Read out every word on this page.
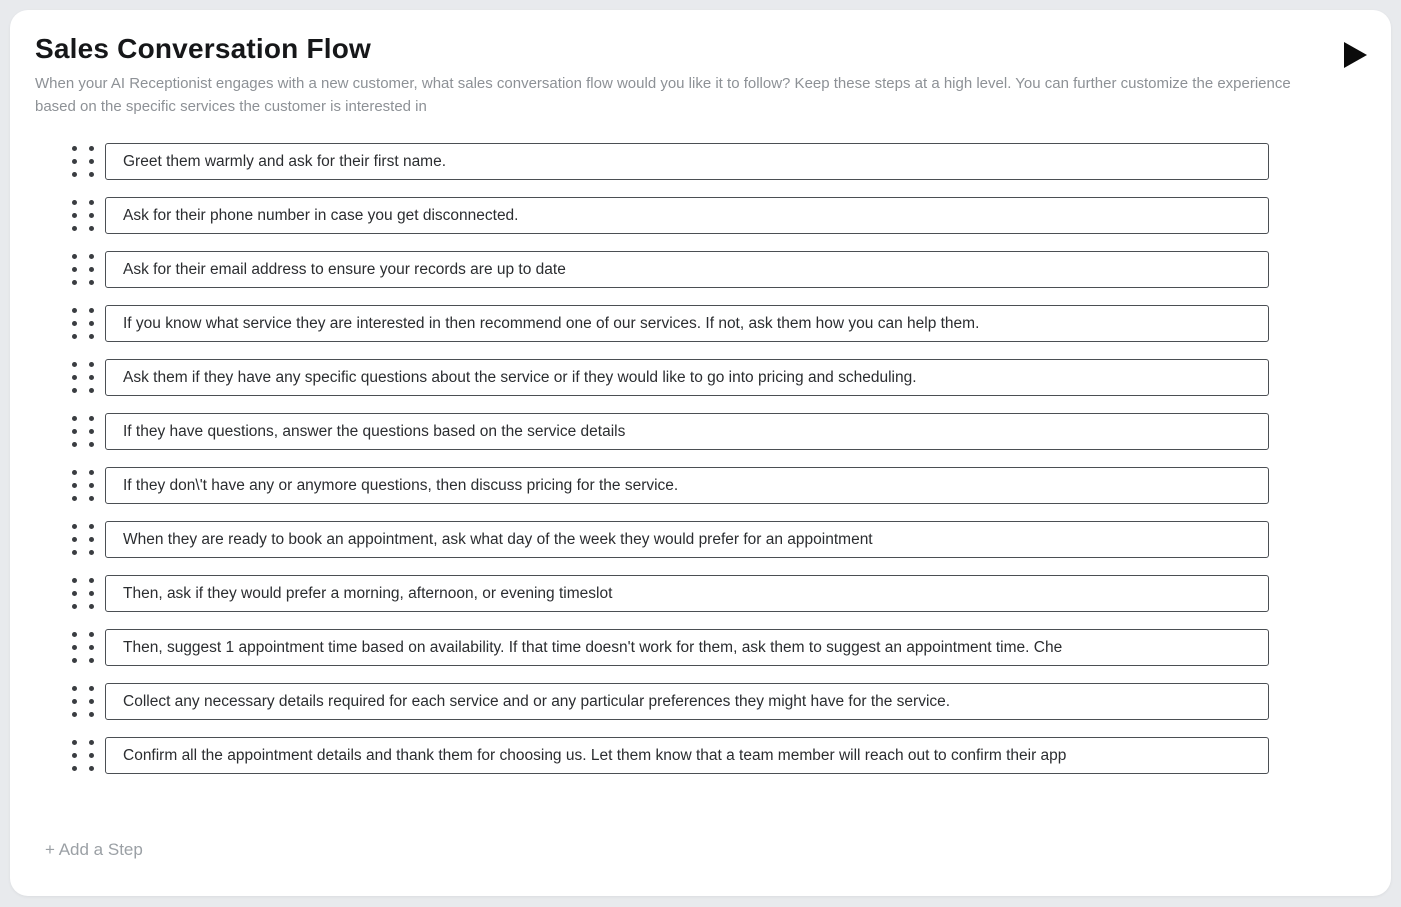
Sales Conversation Flow

When your AI Receptionist engages with a new customer, what sales conversation flow would you like it to follow? Keep these steps at a high level. You can further customize the experience based on the specific services the customer is interested in

Greet them warmly and ask for their first name.
Ask for their phone number in case you get disconnected.
Ask for their email address to ensure your records are up to date
If you know what service they are interested in then recommend one of our services. If not, ask them how you can help them.
Ask them if they have any specific questions about the service or if they would like to go into pricing and scheduling.
If they have questions, answer the questions based on the service details
If they don\'t have any or anymore questions, then discuss pricing for the service.
When they are ready to book an appointment, ask what day of the week they would prefer for an appointment
Then, ask if they would prefer a morning, afternoon, or evening timeslot
Then, suggest 1 appointment time based on availability. If that time doesn't work for them, ask them to suggest an appointment time. Che
Collect any necessary details required for each service and or any particular preferences they might have for the service.
Confirm all the appointment details and thank them for choosing us. Let them know that a team member will reach out to confirm their app
+ Add a Step
